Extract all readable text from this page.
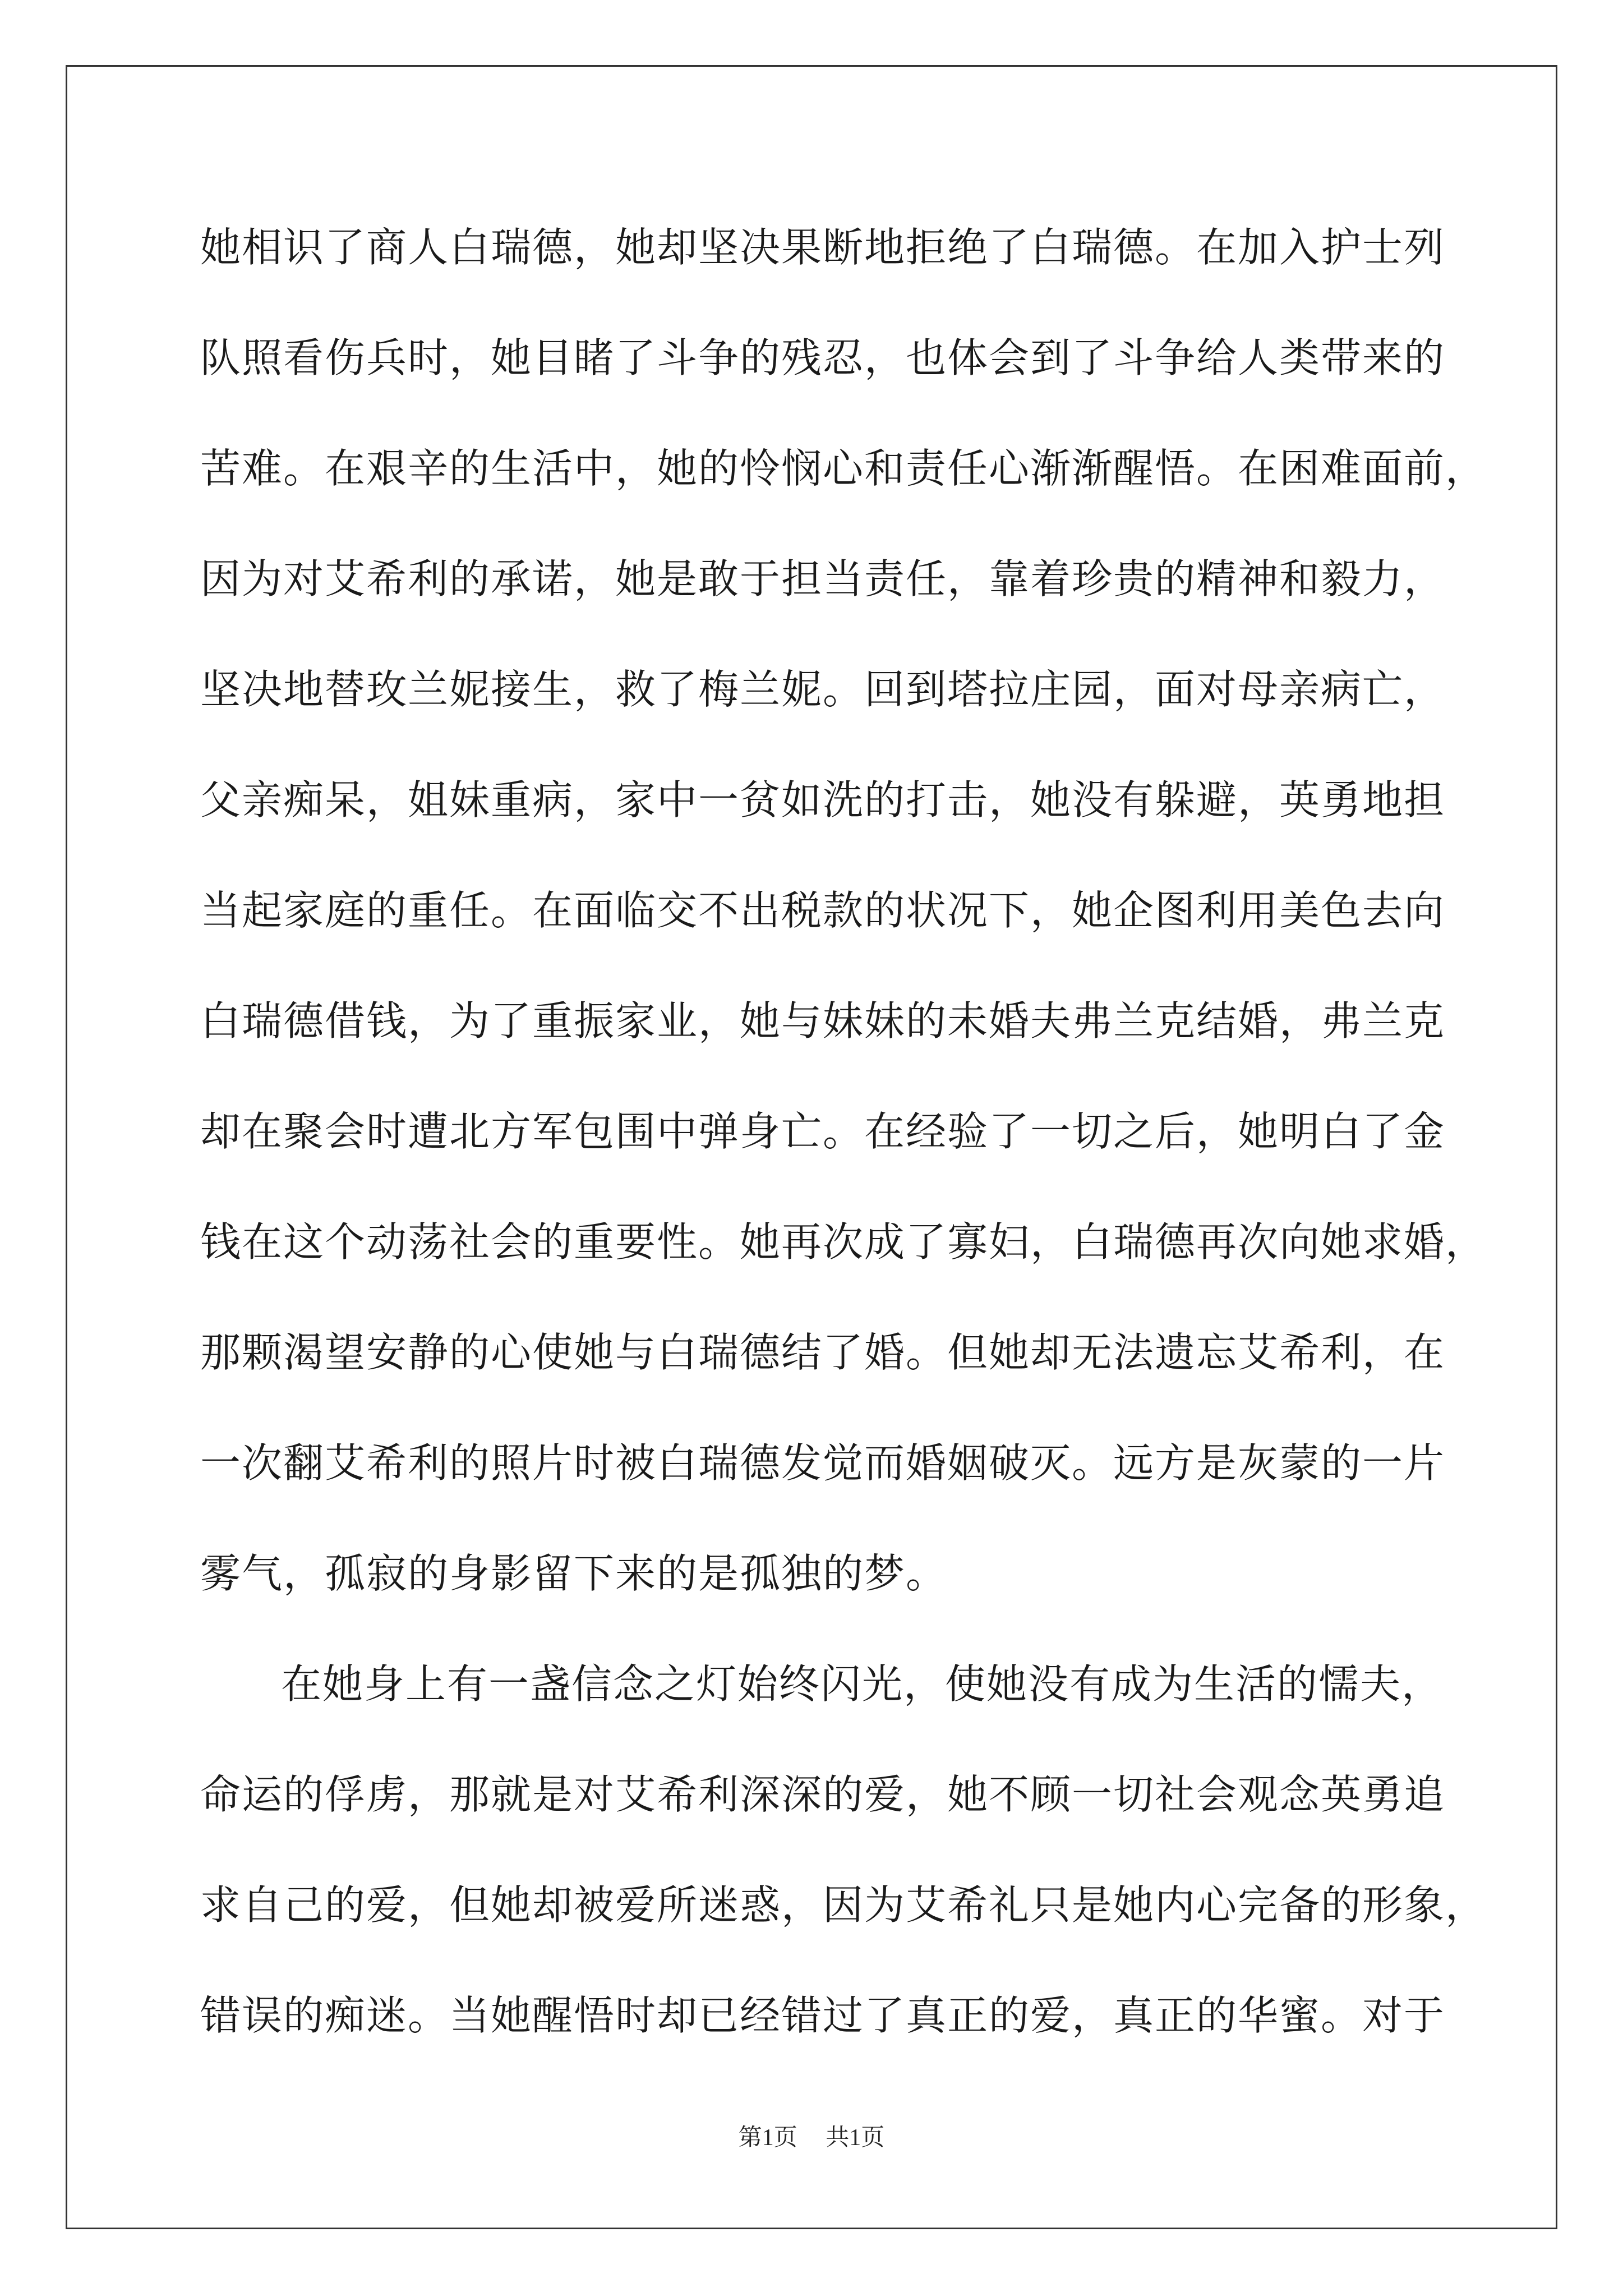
她相识了商人白瑞德，她却坚决果断地拒绝了白瑞德。在加入护士列
队照看伤兵时，她目睹了斗争的残忍，也体会到了斗争给人类带来的
苦难。在艰辛的生活中，她的怜悯心和责任心渐渐醒悟。在困难面前，
因为对艾希利的承诺，她是敢于担当责任，靠着珍贵的精神和毅力，
坚决地替玫兰妮接生，救了梅兰妮。回到塔拉庄园，面对母亲病亡，
父亲痴呆，姐妹重病，家中一贫如洗的打击，她没有躲避，英勇地担
当起家庭的重任。在面临交不出税款的状况下，她企图利用美色去向
白瑞德借钱，为了重振家业，她与妹妹的未婚夫弗兰克结婚，弗兰克
却在聚会时遭北方军包围中弹身亡。在经验了一切之后，她明白了金
钱在这个动荡社会的重要性。她再次成了寡妇，白瑞德再次向她求婚，
那颗渴望安静的心使她与白瑞德结了婚。但她却无法遗忘艾希利，在
一次翻艾希利的照片时被白瑞德发觉而婚姻破灭。远方是灰蒙的一片
雾气，孤寂的身影留下来的是孤独的梦。
在她身上有一盏信念之灯始终闪光，使她没有成为生活的懦夫，
命运的俘虏，那就是对艾希利深深的爱，她不顾一切社会观念英勇追
求自己的爱，但她却被爱所迷惑，因为艾希礼只是她内心完备的形象，
错误的痴迷。当她醒悟时却已经错过了真正的爱，真正的华蜜。对于
第1页 共1页
